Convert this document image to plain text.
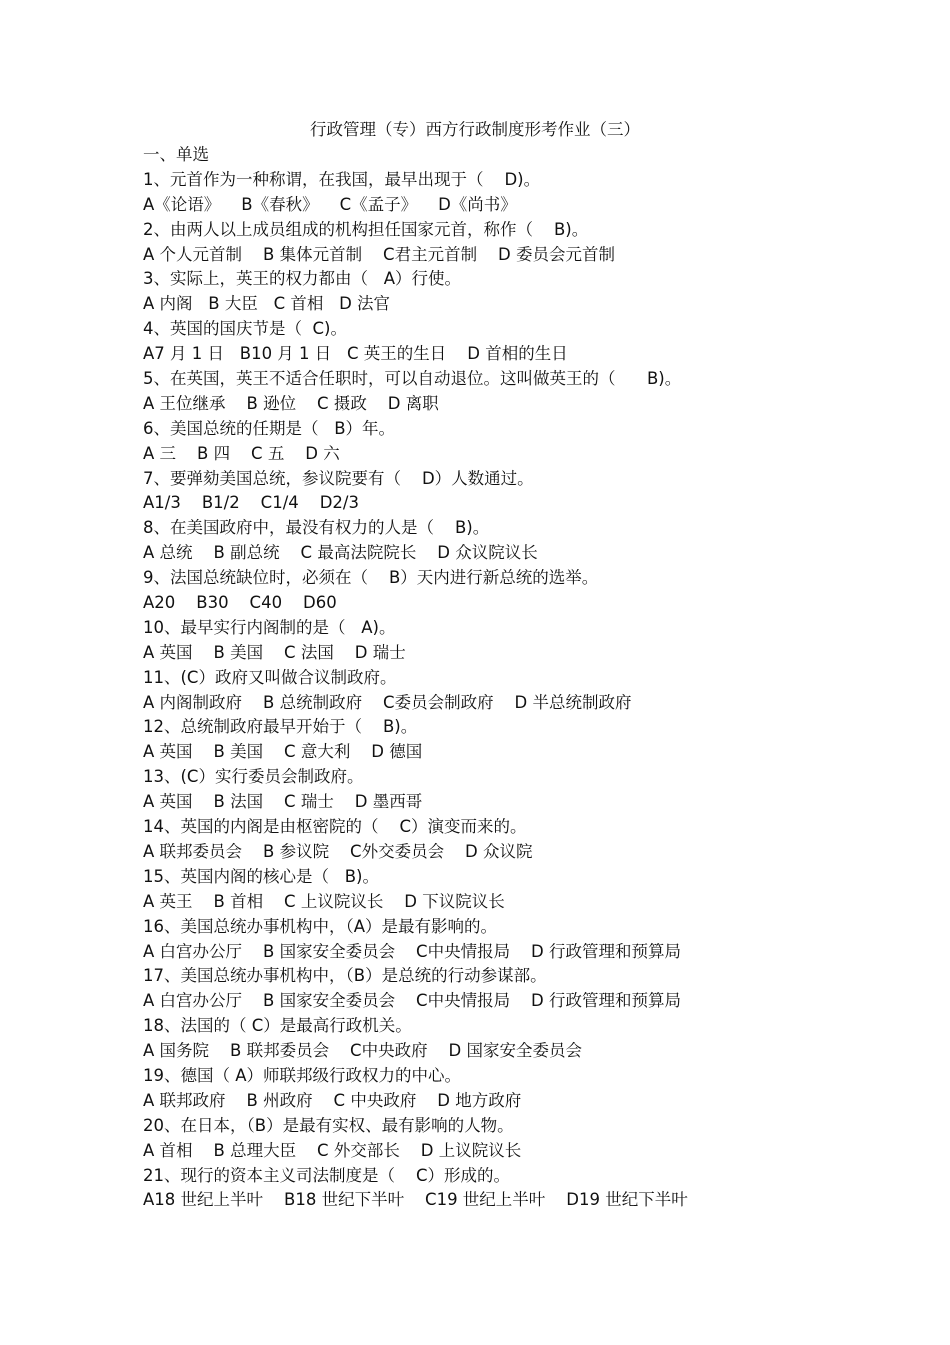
行政管理（专）西方行政制度形考作业（三）
一、单选
1、元首作为一种称谓，在我国，最早出现于（    D)。
A《论语》    B《春秋》    C《孟子》    D《尚书》
2、由两人以上成员组成的机构担任国家元首，称作（    B)。
A 个人元首制    B 集体元首制    C君主元首制    D 委员会元首制
3、实际上，英王的权力都由（   A）行使。
A 内阁   B 大臣   C 首相   D 法官
4、英国的国庆节是（  C)。
A7 月 1 日   B10 月 1 日   C 英王的生日    D 首相的生日
5、在英国，英王不适合任职时，可以自动退位。这叫做英王的（      B)。
A 王位继承    B 逊位    C 摄政    D 离职
6、美国总统的任期是（   B）年。
A 三    B 四    C 五    D 六
7、要弹劾美国总统，参议院要有（    D）人数通过。
A1/3    B1/2    C1/4    D2/3
8、在美国政府中，最没有权力的人是（    B)。
A 总统    B 副总统    C 最高法院院长    D 众议院议长
9、法国总统缺位时，必须在（    B）天内进行新总统的选举。
A20    B30    C40    D60
10、最早实行内阁制的是（   A)。
A 英国    B 美国    C 法国    D 瑞士
11、(C）政府又叫做合议制政府。
A 内阁制政府    B 总统制政府    C委员会制政府    D 半总统制政府
12、总统制政府最早开始于（    B)。
A 英国    B 美国    C 意大利    D 德国
13、(C）实行委员会制政府。
A 英国    B 法国    C 瑞士    D 墨西哥
14、英国的内阁是由枢密院的（    C）演变而来的。
A 联邦委员会    B 参议院    C外交委员会    D 众议院
15、英国内阁的核心是（   B)。
A 英王    B 首相    C 上议院议长    D 下议院议长
16、美国总统办事机构中，（A）是最有影响的。
A 白宫办公厅    B 国家安全委员会    C中央情报局    D 行政管理和预算局
17、美国总统办事机构中，（B）是总统的行动参谋部。
A 白宫办公厅    B 国家安全委员会    C中央情报局    D 行政管理和预算局
18、法国的（ C）是最高行政机关。
A 国务院    B 联邦委员会    C中央政府    D 国家安全委员会
19、德国（ A）师联邦级行政权力的中心。
A 联邦政府    B 州政府    C 中央政府    D 地方政府
20、在日本，（B）是最有实权、最有影响的人物。
A 首相    B 总理大臣    C 外交部长    D 上议院议长
21、现行的资本主义司法制度是（    C）形成的。
A18 世纪上半叶    B18 世纪下半叶    C19 世纪上半叶    D19 世纪下半叶
